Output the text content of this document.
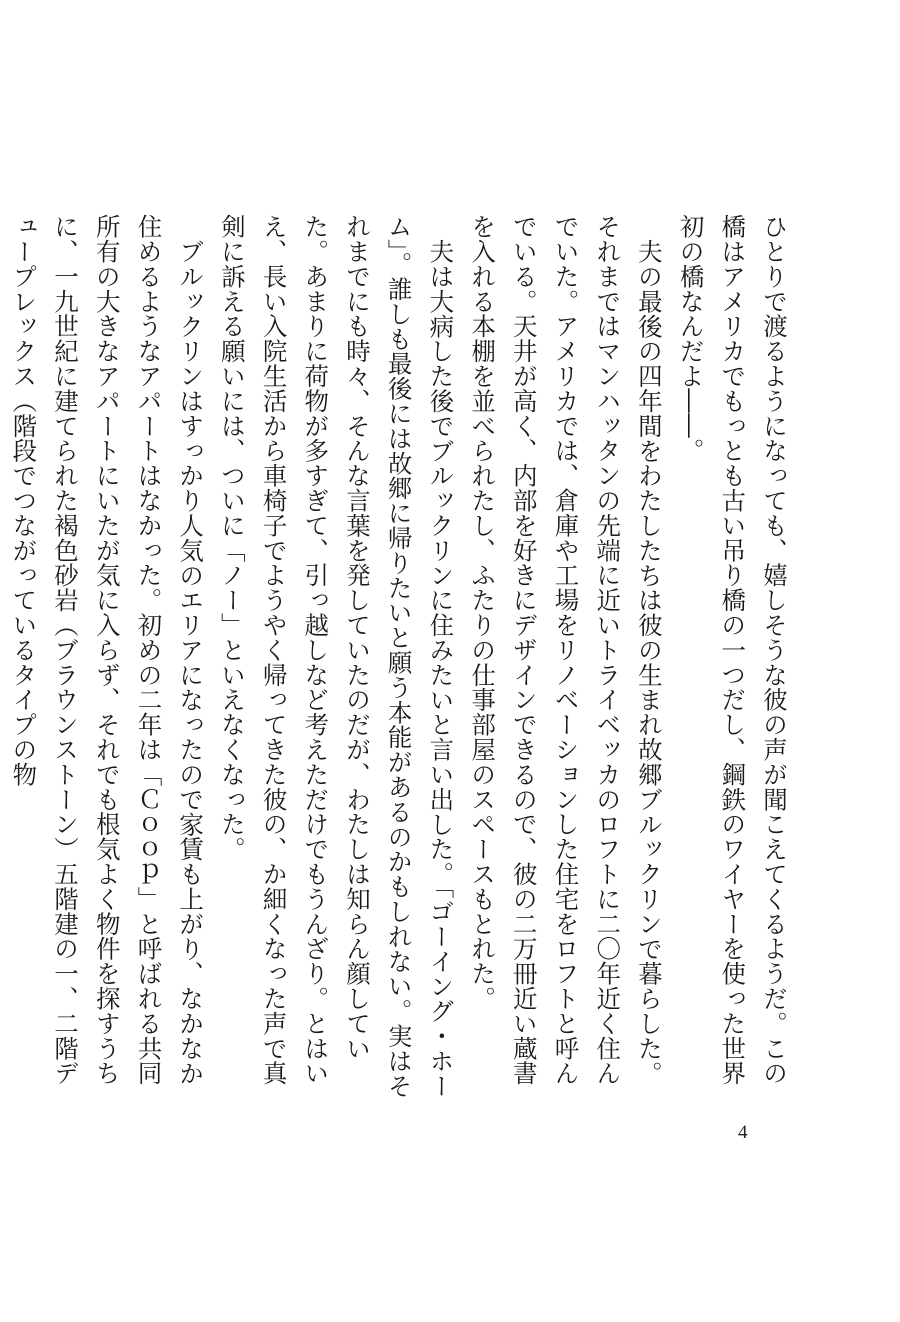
ひとりで渡るようになっても、嬉しそうな彼の声が聞こえてくるようだ。この橋はアメリカでもっとも古い吊り橋の一つだし、鋼鉄のワイヤーを使った世界初の橋なんだよ――。

夫の最後の四年間をわたしたちは彼の生まれ故郷ブルックリンで暮らした。それまではマンハッタンの先端に近いトライベッカのロフトに二〇年近く住んでいた。アメリカでは、倉庫や工場をリノベーションした住宅をロフトと呼んでいる。天井が高く、内部を好きにデザインできるので、彼の二万冊近い蔵書を入れる本棚を並べられたし、ふたりの仕事部屋のスペースもとれた。

夫は大病した後でブルックリンに住みたいと言い出した。「ゴーイング・ホーム」。誰しも最後には故郷に帰りたいと願う本能があるのかもしれない。実はそれまでにも時々、そんな言葉を発していたのだが、わたしは知らん顔していた。あまりに荷物が多すぎて、引っ越しなど考えただけでもうんざり。とはいえ、長い入院生活から車椅子でようやく帰ってきた彼の、か細くなった声で真剣に訴える願いには、ついに「ノー」といえなくなった。

ブルックリンはすっかり人気のエリアになったので家賃も上がり、なかなか住めるようなアパートはなかった。初めの二年は「Ｃｏｏｐ」と呼ばれる共同所有の大きなアパートにいたが気に入らず、それでも根気よく物件を探すうちに、一九世紀に建てられた褐色砂岩（ブラウンストーン）五階建の一、二階デュープレックス（階段でつながっているタイプの物

4
